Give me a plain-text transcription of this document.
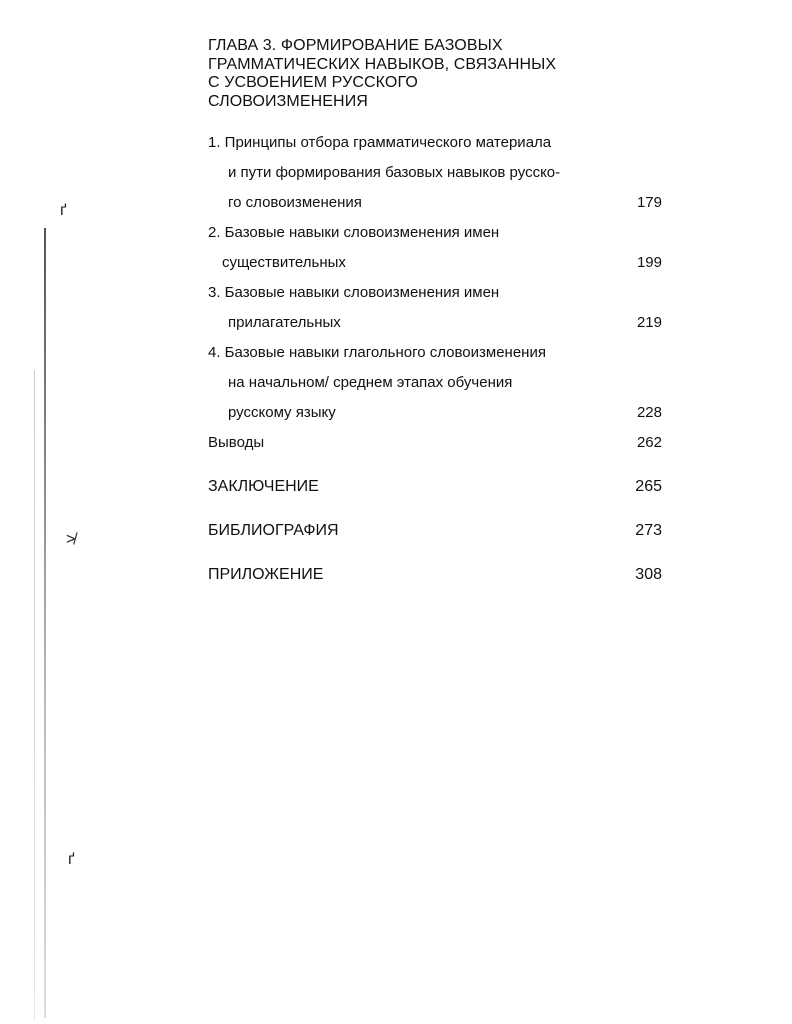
ґ
≯
ґ
ГЛАВА 3. ФОРМИРОВАНИЕ БАЗОВЫХ
ГРАММАТИЧЕСКИХ НАВЫКОВ, СВЯЗАННЫХ
С УСВОЕНИЕМ РУССКОГО
СЛОВОИЗМЕНЕНИЯ
1. Принципы отбора грамматического материала
и пути формирования базовых навыков русско-
го словоизменения	179
2. Базовые навыки словоизменения имен
существительных	199
3. Базовые навыки словоизменения имен
прилагательных	219
4. Базовые навыки глагольного словоизменения
на начальном/ среднем этапах обучения
русскому языку	228
Выводы	262
ЗАКЛЮЧЕНИЕ	265
БИБЛИОГРАФИЯ	273
ПРИЛОЖЕНИЕ	308
